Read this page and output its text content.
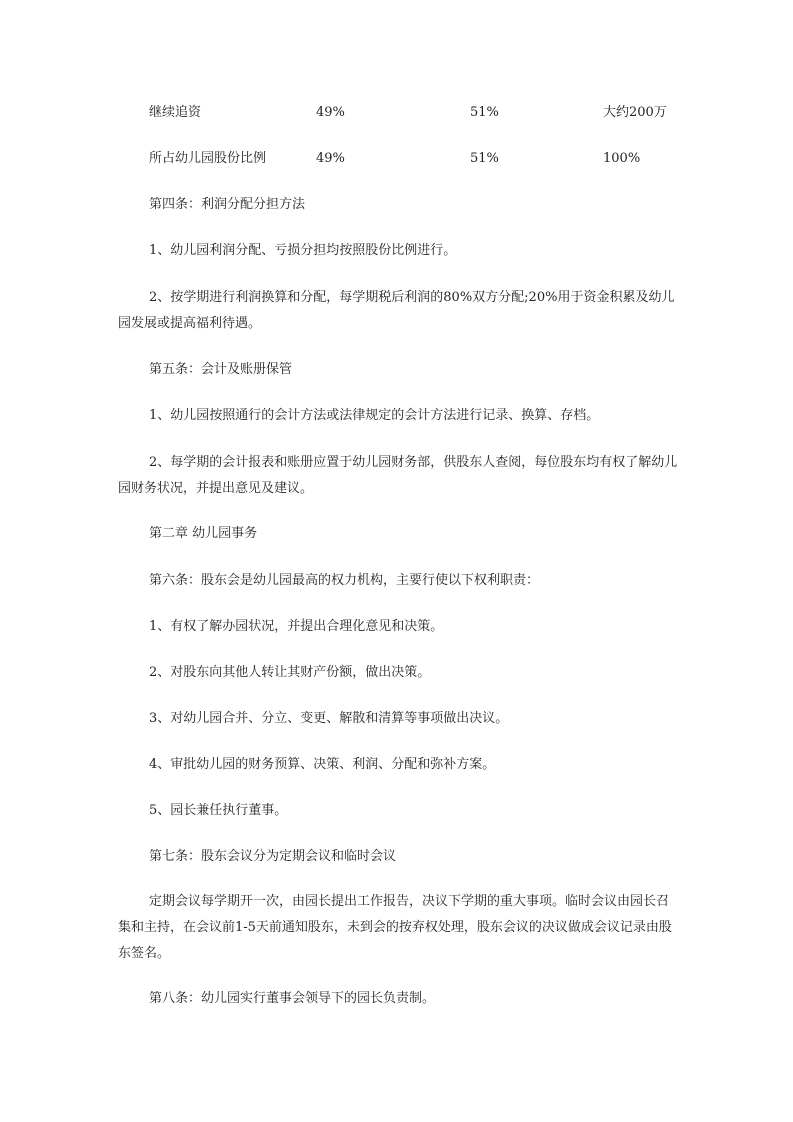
继续追资	49%	51%	大约200万
所占幼儿园股份比例	49%	51%	100%

第四条：利润分配分担方法

1、幼儿园利润分配、亏损分担均按照股份比例进行。

2、按学期进行利润换算和分配，每学期税后利润的80%双方分配;20%用于资金积累及幼儿园发展或提高福利待遇。

第五条：会计及账册保管

1、幼儿园按照通行的会计方法或法律规定的会计方法进行记录、换算、存档。

2、每学期的会计报表和账册应置于幼儿园财务部，供股东人查阅，每位股东均有权了解幼儿园财务状况，并提出意见及建议。

第二章 幼儿园事务

第六条：股东会是幼儿园最高的权力机构，主要行使以下权利职责：

1、有权了解办园状况，并提出合理化意见和决策。

2、对股东向其他人转让其财产份额，做出决策。

3、对幼儿园合并、分立、变更、解散和清算等事项做出决议。

4、审批幼儿园的财务预算、决策、利润、分配和弥补方案。

5、园长兼任执行董事。

第七条：股东会议分为定期会议和临时会议

定期会议每学期开一次，由园长提出工作报告，决议下学期的重大事项。临时会议由园长召集和主持，在会议前1-5天前通知股东，未到会的按弃权处理，股东会议的决议做成会议记录由股东签名。

第八条：幼儿园实行董事会领导下的园长负责制。
